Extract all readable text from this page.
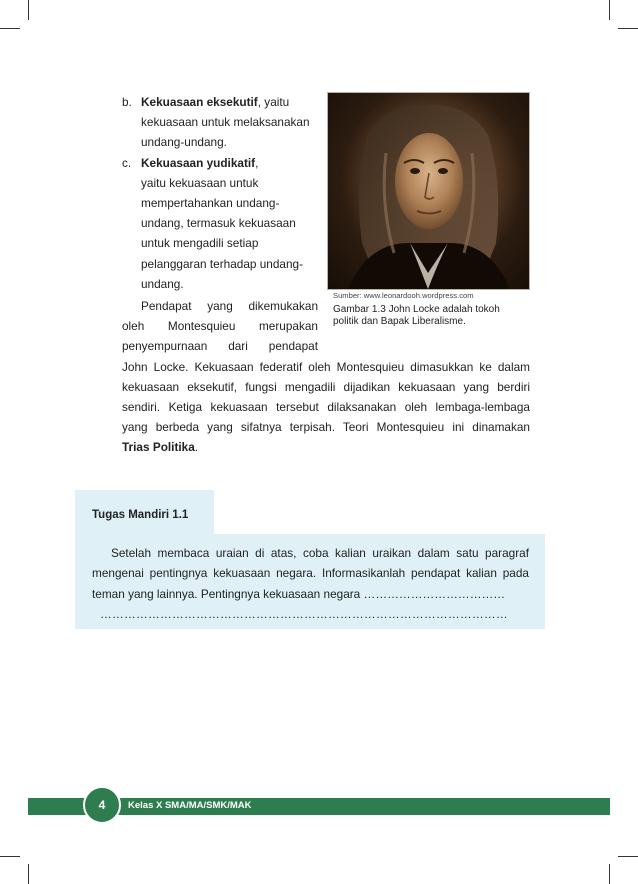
b. Kekuasaan eksekutif, yaitu
kekuasaan untuk melaksanakan
undang-undang.
c. Kekuasaan yudikatif,
yaitu kekuasaan untuk
mempertahankan undang-
undang, termasuk kekuasaan
untuk mengadili setiap
pelanggaran terhadap undang-
undang.
Pendapat yang dikemukakan
oleh Montesquieu merupakan
penyempurnaan dari pendapat
John Locke. Kekuasaan federatif oleh Montesquieu dimasukkan ke dalam
kekuasaan eksekutif, fungsi mengadili dijadikan kekuasaan yang berdiri
sendiri. Ketiga kekuasaan tersebut dilaksanakan oleh lembaga-lembaga
yang berbeda yang sifatnya terpisah. Teori Montesquieu ini dinamakan
Trias Politika.
Sumber: www.leonardooh.wordpress.com
Gambar 1.3 John Locke adalah tokoh politik dan Bapak Liberalisme.
Tugas Mandiri 1.1
Setelah membaca uraian di atas, coba kalian uraikan dalam satu paragraf
mengenai pentingnya kekuasaan negara. Informasikanlah pendapat kalian pada
teman yang lainnya. Pentingnya kekuasaan negara ………………………………
…………………………………………………………………………………………
4	Kelas X SMA/MA/SMK/MAK
